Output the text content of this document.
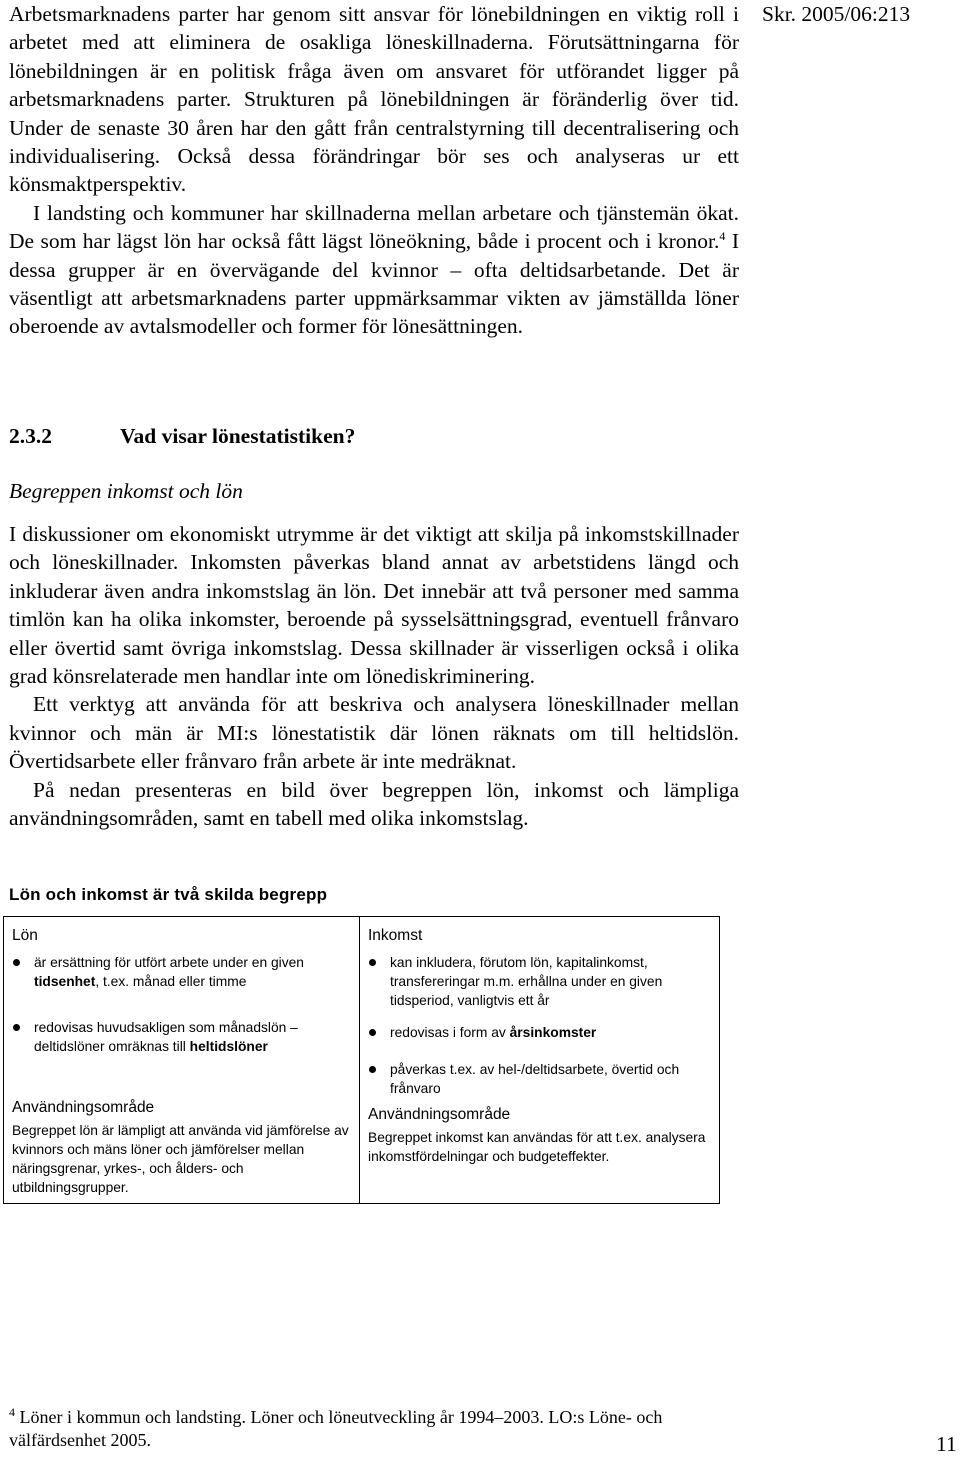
Arbetsmarknadens parter har genom sitt ansvar för lönebildningen en viktig roll i arbetet med att eliminera de osakliga löneskillnaderna. Förutsättningarna för lönebildningen är en politisk fråga även om ansvaret för utförandet ligger på arbetsmarknadens parter. Strukturen på lönebildningen är föränderlig över tid. Under de senaste 30 åren har den gått från centralstyrning till decentralisering och individualisering. Också dessa förändringar bör ses och analyseras ur ett könsmaktperspektiv.

I landsting och kommuner har skillnaderna mellan arbetare och tjänstemän ökat. De som har lägst lön har också fått lägst löneökning, både i procent och i kronor.$^4$ I dessa grupper är en övervägande del kvinnor – ofta deltidsarbetande. Det är väsentligt att arbetsmarknadens parter uppmärksammar vikten av jämställda löner oberoende av avtalsmodeller och former för lönesättningen.

Skr. 2005/06:213
2.3.2	Vad visar lönestatistiken?
Begreppen inkomst och lön

I diskussioner om ekonomiskt utrymme är det viktigt att skilja på inkomstskillnader och löneskillnader. Inkomsten påverkas bland annat av arbetstidens längd och inkluderar även andra inkomstslag än lön. Det innebär att två personer med samma timlön kan ha olika inkomster, beroende på sysselsättningsgrad, eventuell frånvaro eller övertid samt övriga inkomstslag. Dessa skillnader är visserligen också i olika grad könsrelaterade men handlar inte om lönediskriminering.

Ett verktyg att använda för att beskriva och analysera löneskillnader mellan kvinnor och män är MI:s lönestatistik där lönen räknats om till heltidslön. Övertidsarbete eller frånvaro från arbete är inte medräknat.

På nedan presenteras en bild över begreppen lön, inkomst och lämpliga användningsområden, samt en tabell med olika inkomstslag.

Lön och inkomst är två skilda begrepp
Lön
är ersättning för utfört arbete under en given tidsenhet, t.ex. månad eller timme
redovisas huvudsakligen som månadslön – deltidslöner omräknas till heltidslöner
Användningsområde
Begreppet lön är lämpligt att använda vid jämförelse av kvinnors och mäns löner och jämförelser mellan näringsgrenar, yrkes-, och ålders- och utbildningsgrupper.
Inkomst
kan inkludera, förutom lön, kapitalinkomst, transfereringar m.m. erhållna under en given tidsperiod, vanligtvis ett år
redovisas i form av årsinkomster
påverkas t.ex. av hel-/deltidsarbete, övertid och frånvaro
Användningsområde
Begreppet inkomst kan användas för att t.ex. analysera inkomstfördelningar och budgeteffekter.
$^4$ Löner i kommun och landsting. Löner och löneutveckling år 1994–2003. LO:s Löne- och välfärdsenhet 2005.	11
